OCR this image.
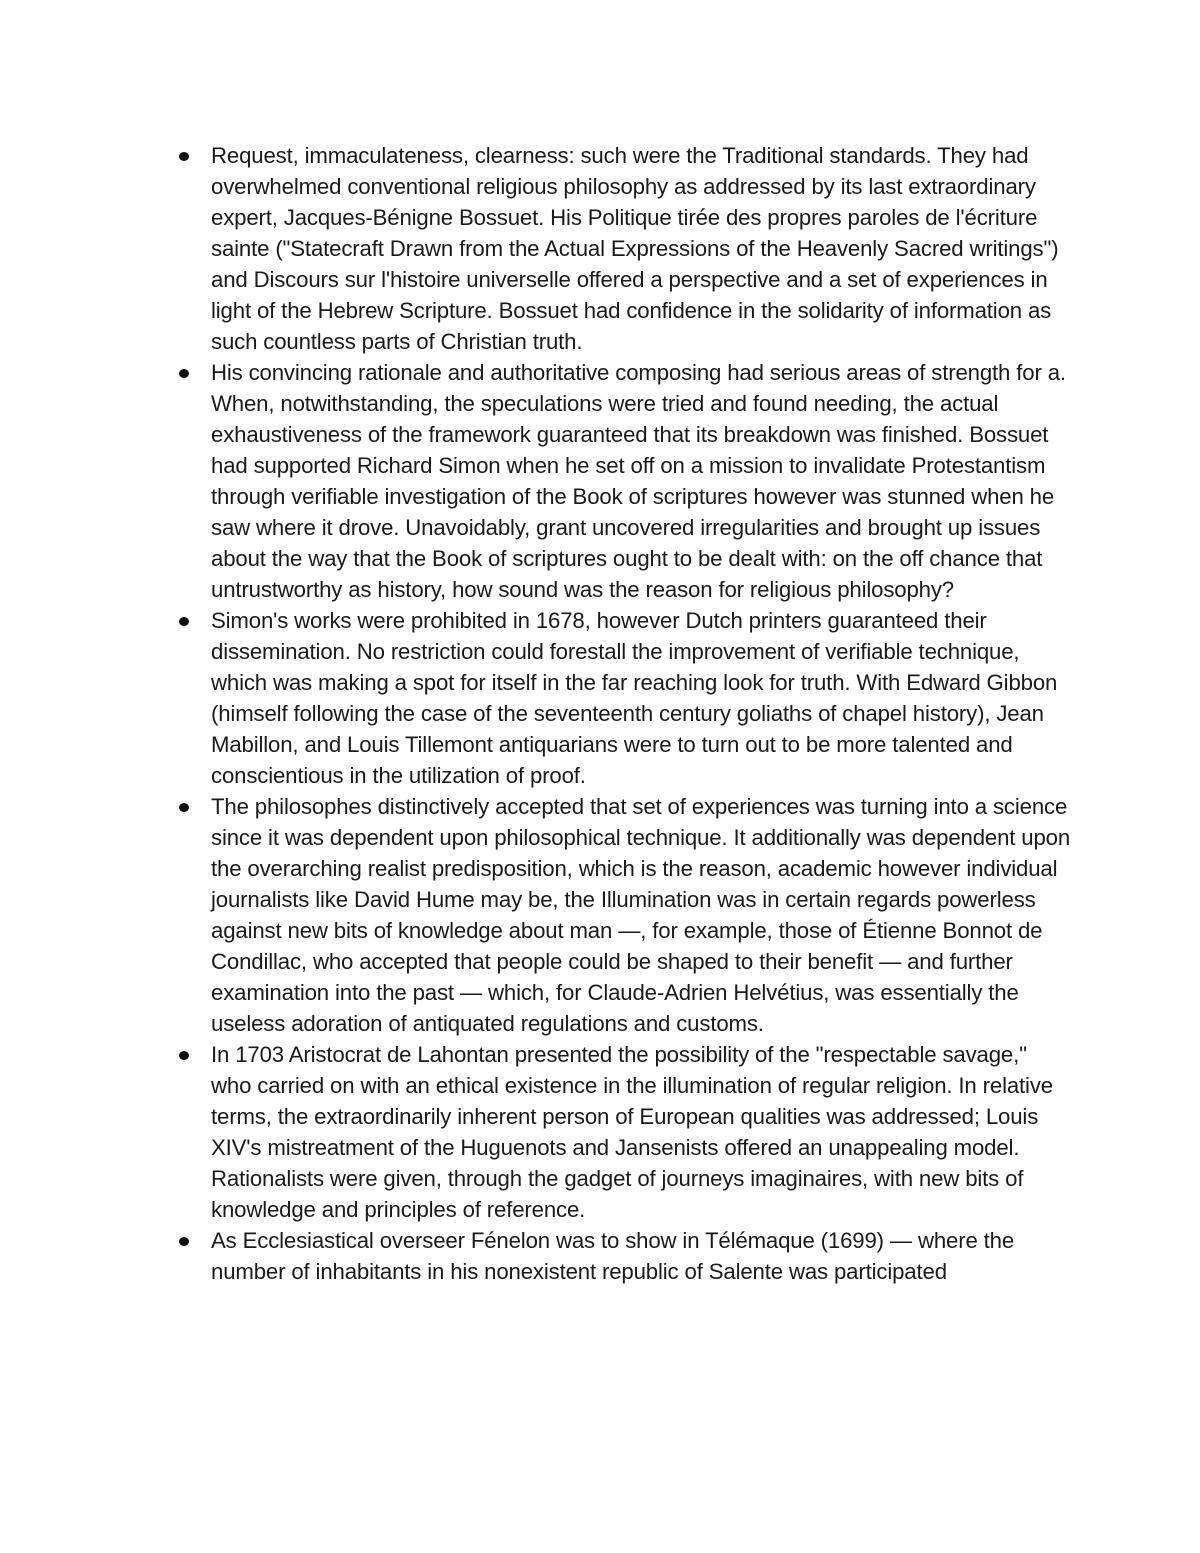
Request, immaculateness, clearness: such were the Traditional standards. They had overwhelmed conventional religious philosophy as addressed by its last extraordinary expert, Jacques-Bénigne Bossuet. His Politique tirée des propres paroles de l'écriture sainte ("Statecraft Drawn from the Actual Expressions of the Heavenly Sacred writings") and Discours sur l'histoire universelle offered a perspective and a set of experiences in light of the Hebrew Scripture. Bossuet had confidence in the solidarity of information as such countless parts of Christian truth.
His convincing rationale and authoritative composing had serious areas of strength for a. When, notwithstanding, the speculations were tried and found needing, the actual exhaustiveness of the framework guaranteed that its breakdown was finished. Bossuet had supported Richard Simon when he set off on a mission to invalidate Protestantism through verifiable investigation of the Book of scriptures however was stunned when he saw where it drove. Unavoidably, grant uncovered irregularities and brought up issues about the way that the Book of scriptures ought to be dealt with: on the off chance that untrustworthy as history, how sound was the reason for religious philosophy?
Simon's works were prohibited in 1678, however Dutch printers guaranteed their dissemination. No restriction could forestall the improvement of verifiable technique, which was making a spot for itself in the far reaching look for truth. With Edward Gibbon (himself following the case of the seventeenth century goliaths of chapel history), Jean Mabillon, and Louis Tillemont antiquarians were to turn out to be more talented and conscientious in the utilization of proof.
The philosophes distinctively accepted that set of experiences was turning into a science since it was dependent upon philosophical technique. It additionally was dependent upon the overarching realist predisposition, which is the reason, academic however individual journalists like David Hume may be, the Illumination was in certain regards powerless against new bits of knowledge about man —, for example, those of Étienne Bonnot de Condillac, who accepted that people could be shaped to their benefit — and further examination into the past — which, for Claude-Adrien Helvétius, was essentially the useless adoration of antiquated regulations and customs.
In 1703 Aristocrat de Lahontan presented the possibility of the "respectable savage," who carried on with an ethical existence in the illumination of regular religion. In relative terms, the extraordinarily inherent person of European qualities was addressed; Louis XIV's mistreatment of the Huguenots and Jansenists offered an unappealing model. Rationalists were given, through the gadget of journeys imaginaires, with new bits of knowledge and principles of reference.
As Ecclesiastical overseer Fénelon was to show in Télémaque (1699) — where the number of inhabitants in his nonexistent republic of Salente was participated
